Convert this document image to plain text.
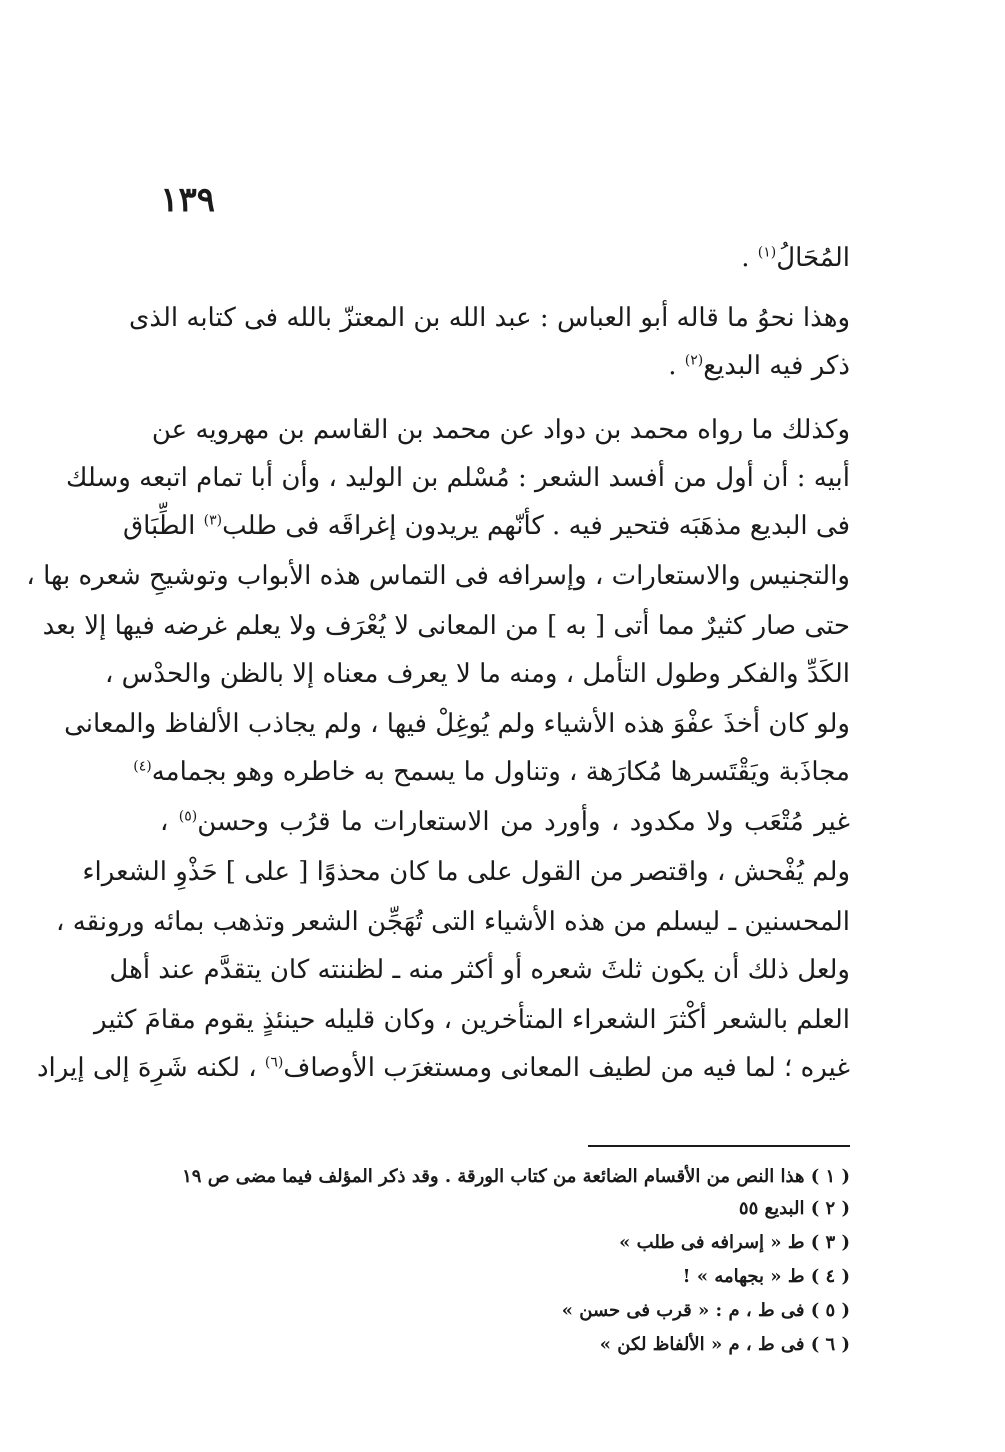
١٣٩
المُحَالُ$^{(١)}$ .
وهذا نحوُ ما قاله أبو العباس : عبد الله بن المعتزّ بالله فى كتابه الذى
ذكر فيه البديع$^{(٢)}$ .
وكذلك ما رواه محمد بن دواد عن محمد بن القاسم بن مهرويه عن
أبيه : أن أول من أفسد الشعر : مُسْلم بن الوليد ، وأن أبا تمام اتبعه وسلك
فى البديع مذهَبَه فتحير فيه . كأنّهم يريدون إغراقَه فى طلب$^{(٣)}$ الطِّبَاق
والتجنيس والاستعارات ، وإسرافه فى التماس هذه الأبواب وتوشيحِ شعره بها ،
حتى صار كثيرٌ مما أتى [ به ] من المعانى لا يُعْرَف ولا يعلم غرضه فيها إلا بعد
الكَدِّ والفكر وطول التأمل ، ومنه ما لا يعرف معناه إلا بالظن والحدْس ،
ولو كان أخذَ عفْوَ هذه الأشياء ولم يُوغِلْ فيها ، ولم يجاذب الألفاظ والمعانى
مجاذَبة ويَقْتَسرها مُكارَهة ، وتناول ما يسمح به خاطره وهو بجمامه$^{(٤)}$
غير مُتْعَب ولا مكدود ، وأورد من الاستعارات ما قرُب وحسن$^{(٥)}$ ،
ولم يُفْحش ، واقتصر من القول على ما كان محذوًا [ على ] حَذْوِ الشعراء
المحسنين ـ ليسلم من هذه الأشياء التى تُهَجِّن الشعر وتذهب بمائه ورونقه ،
ولعل ذلك أن يكون ثلثَ شعره أو أكثر منه ـ لظننته كان يتقدَّم عند أهل
العلم بالشعر أكْثرَ الشعراء المتأخرين ، وكان قليله حينئذٍ يقوم مقامَ كثير
غيره ؛ لما فيه من لطيف المعانى ومستغرَب الأوصاف$^{(٦)}$ ، لكنه شَرِهَ إلى إيراد
( ١ ) هذا النص من الأقسام الضائعة من كتاب الورقة . وقد ذكر المؤلف فيما مضى ص ١٩
( ٢ ) البديع ٥٥
( ٣ ) ط « إسرافه فى طلب »
( ٤ ) ط « بجهامه » !
( ٥ ) فى ط ، م : « قرب فى حسن »
( ٦ ) فى ط ، م « الألفاظ لكن »
